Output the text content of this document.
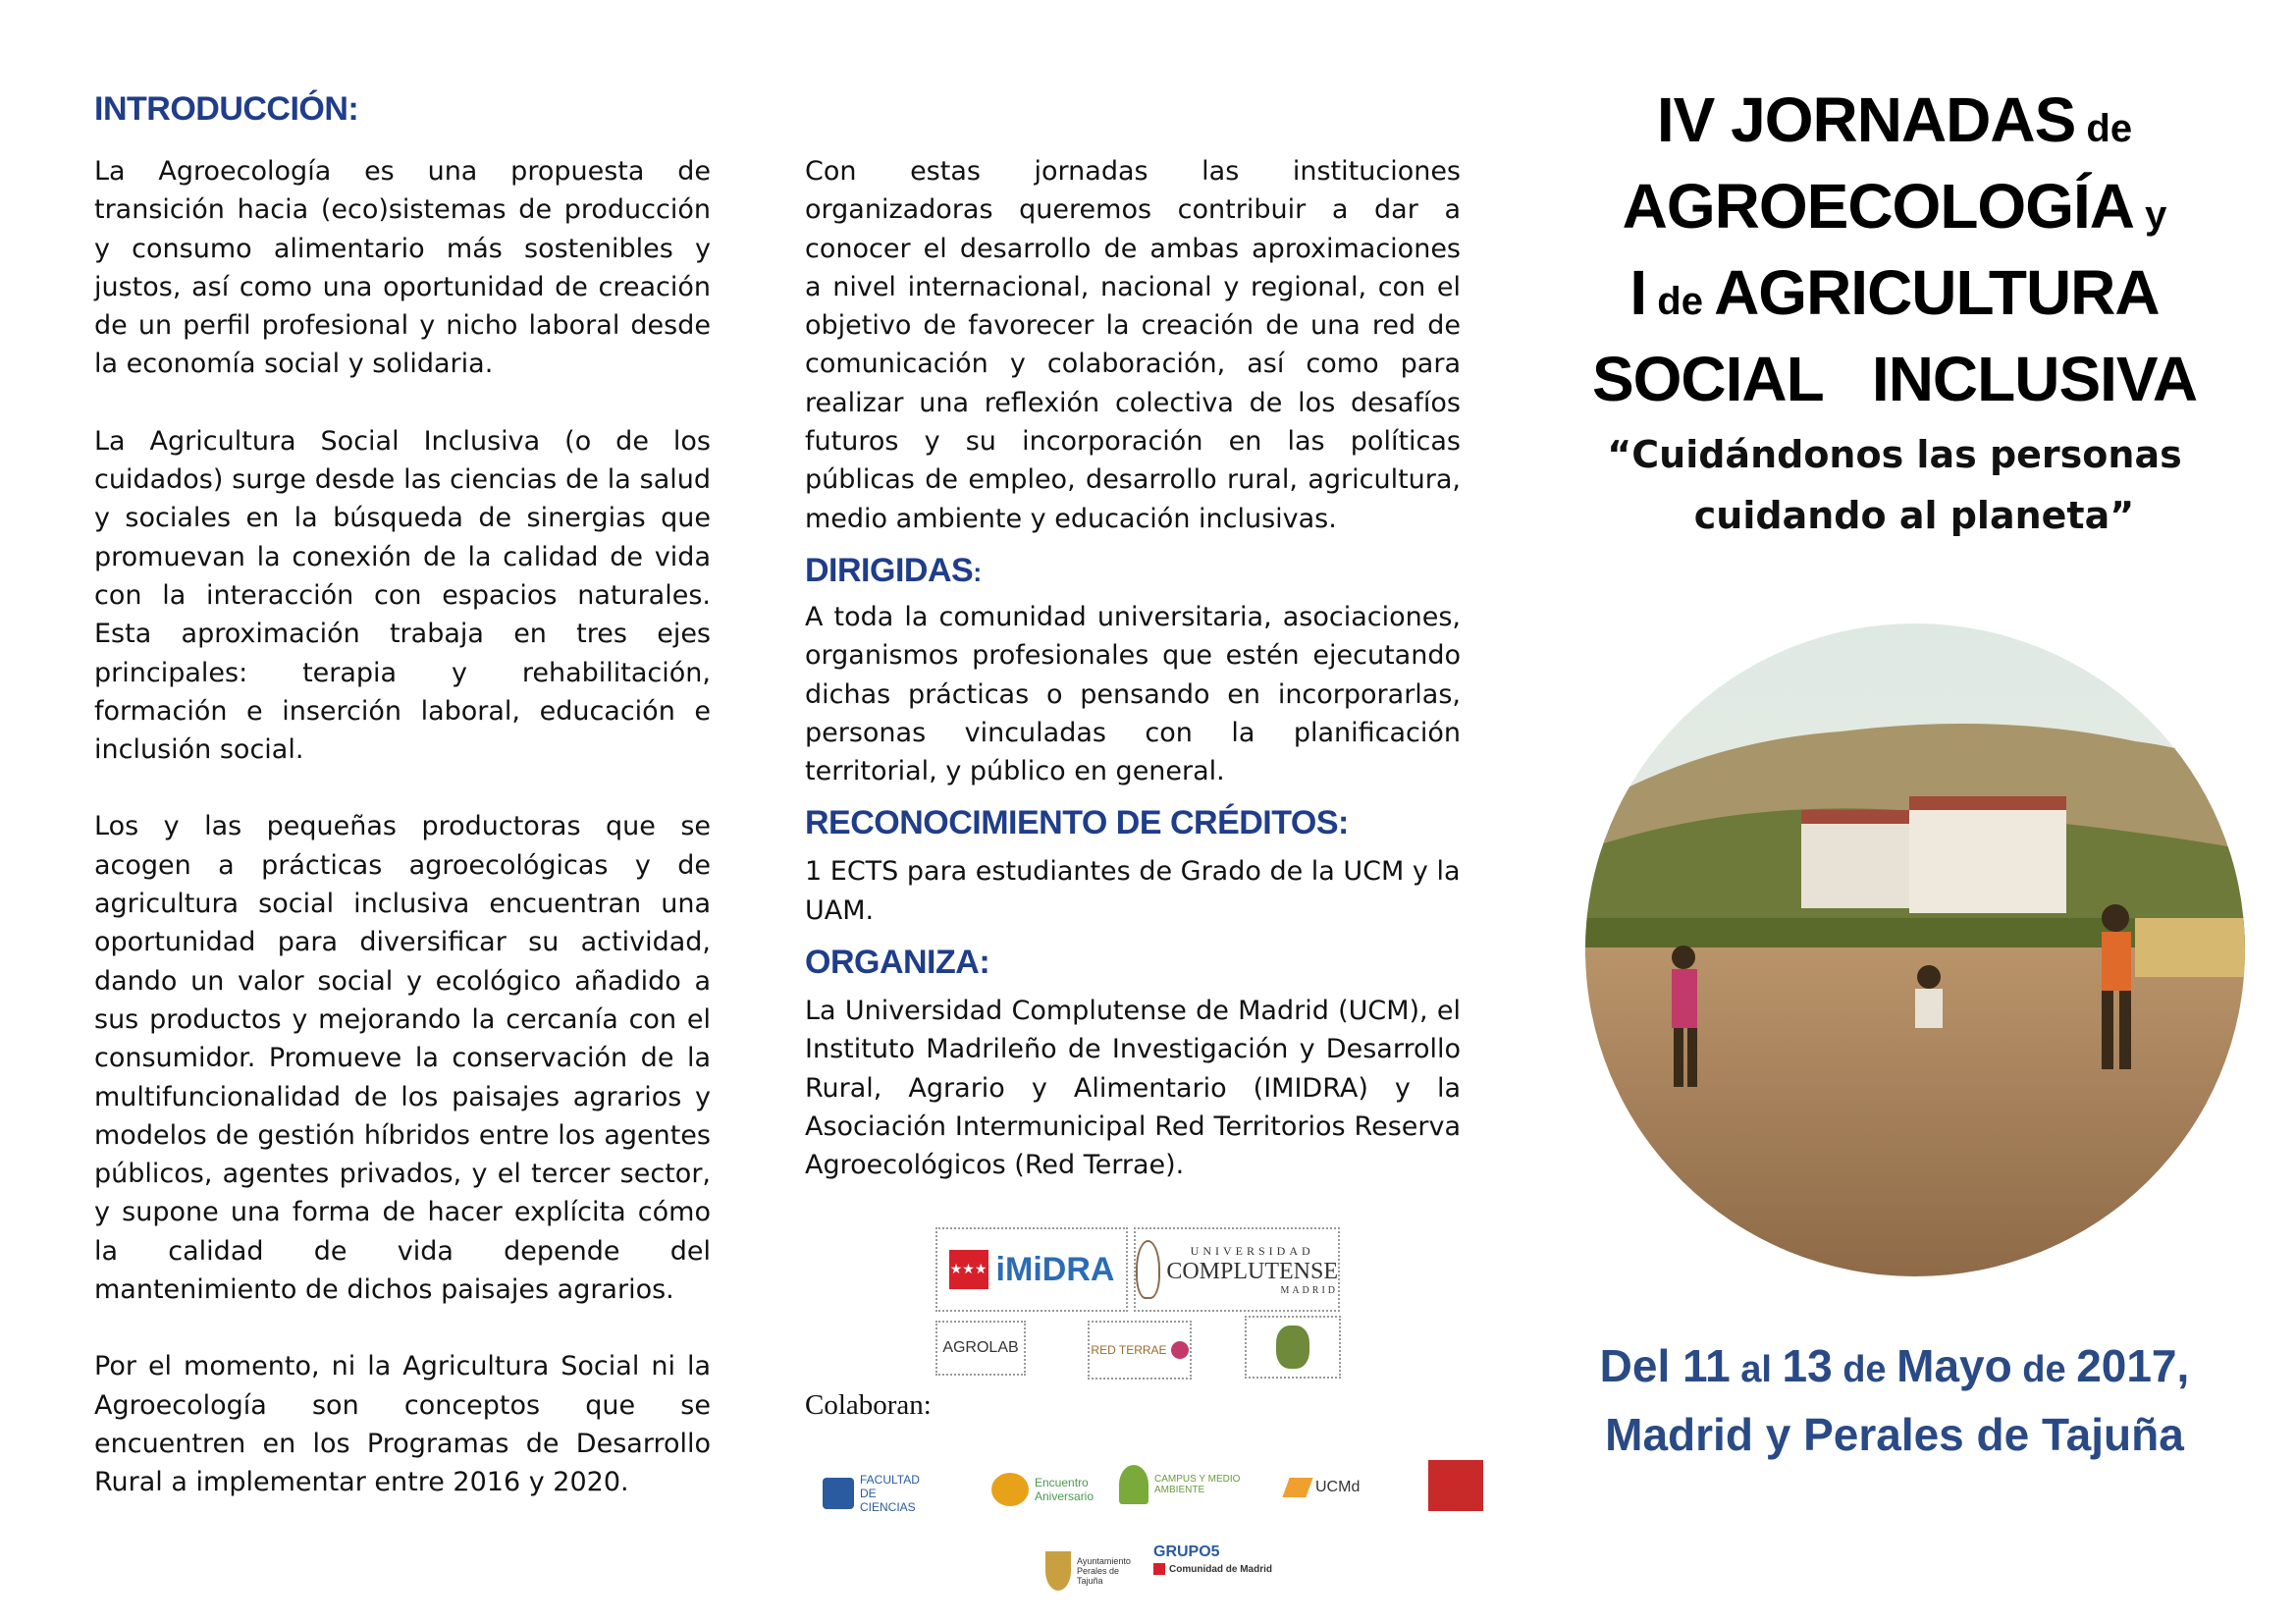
INTRODUCCIÓN:

La Agroecología es una propuesta de transición hacia (eco)sistemas de producción y consumo alimentario más sostenibles y justos, así como una oportunidad de creación de un perfil profesional y nicho laboral desde la economía social y solidaria.

La Agricultura Social Inclusiva (o de los cuidados) surge desde las ciencias de la salud y sociales en la búsqueda de sinergias que promuevan la conexión de la calidad de vida con la interacción con espacios naturales. Esta aproximación trabaja en tres ejes principales: terapia y rehabilitación, formación e inserción laboral, educación e inclusión social.

Los y las pequeñas productoras que se acogen a prácticas agroecológicas y de agricultura social inclusiva encuentran una oportunidad para diversificar su actividad, dando un valor social y ecológico añadido a sus productos y mejorando la cercanía con el consumidor. Promueve la conservación de la multifuncionalidad de los paisajes agrarios y modelos de gestión híbridos entre los agentes públicos, agentes privados, y el tercer sector, y supone una forma de hacer explícita cómo la calidad de vida depende del mantenimiento de dichos paisajes agrarios.

Por el momento, ni la Agricultura Social ni la Agroecología son conceptos que se encuentren en los Programas de Desarrollo Rural a implementar entre 2016 y 2020.

Con estas jornadas las instituciones organizadoras queremos contribuir a dar a conocer el desarrollo de ambas aproximaciones a nivel internacional, nacional y regional, con el objetivo de favorecer la creación de una red de comunicación y colaboración, así como para realizar una reflexión colectiva de los desafíos futuros y su incorporación en las políticas públicas de empleo, desarrollo rural, agricultura, medio ambiente y educación inclusivas.

DIRIGIDAS:

A toda la comunidad universitaria, asociaciones, organismos profesionales que estén ejecutando dichas prácticas o pensando en incorporarlas, personas vinculadas con la planificación territorial, y público en general.

RECONOCIMIENTO DE CRÉDITOS:

1 ECTS para estudiantes de Grado de la UCM y la UAM.

ORGANIZA:

La Universidad Complutense de Madrid (UCM), el Instituto Madrileño de Investigación y Desarrollo Rural, Agrario y Alimentario (IMIDRA) y la Asociación Intermunicipal Red Territorios Reserva Agroecológicos (Red Terrae).

★★★ iMiDRA	UNIVERSIDAD
COMPLUTENSE
MADRID
AGROLAB	RED TERRAE
Colaboran:
FACULTAD DE CIENCIAS
Encuentro Aniversario
CAMPUS Y MEDIO AMBIENTE	UCMd
Ayuntamiento Perales de Tajuña
GRUPO5
Comunidad de Madrid
IV JORNADAS de
AGROECOLOGÍA y
I de AGRICULTURA
SOCIAL   INCLUSIVA
“Cuidándonos las personas
cuidando al planeta”
Del 11 al 13 de Mayo de 2017,
Madrid y Perales de Tajuña
